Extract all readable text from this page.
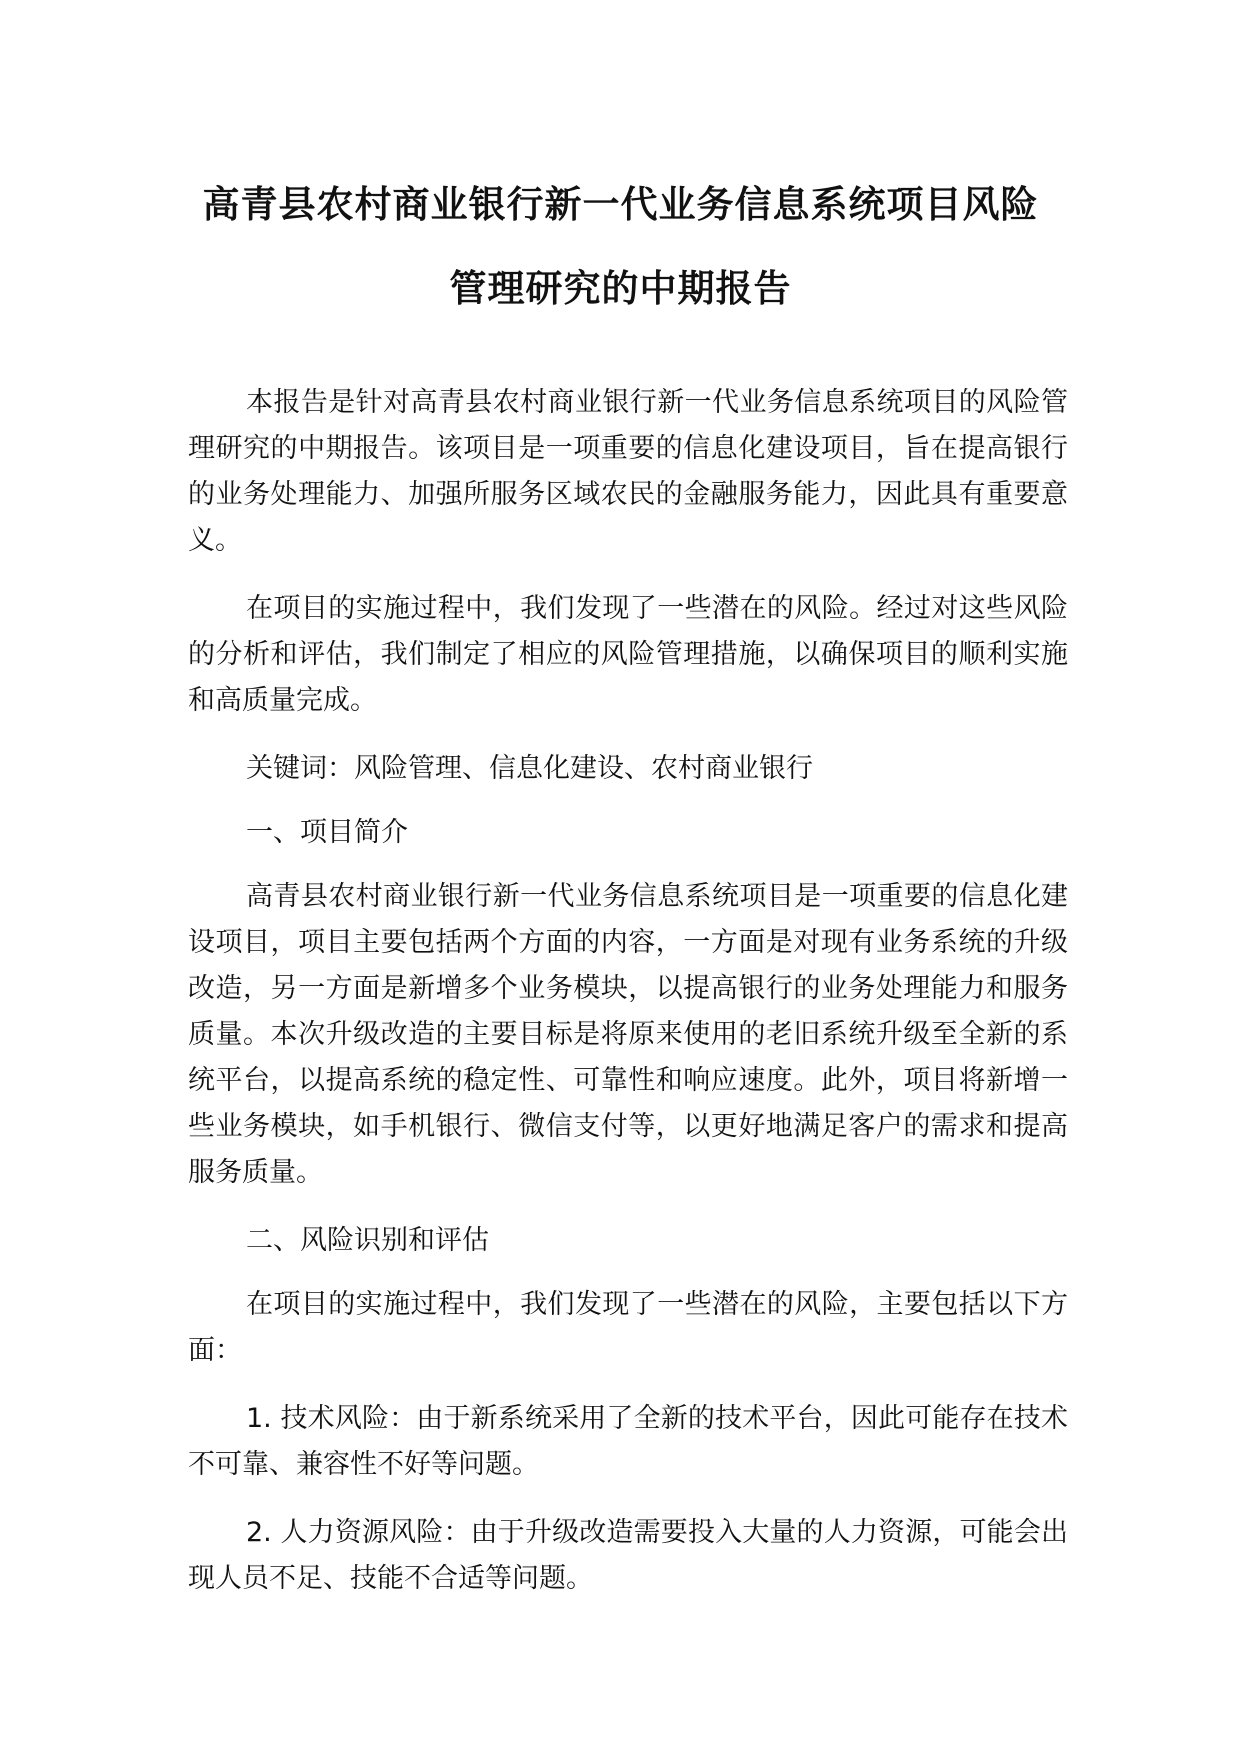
高青县农村商业银行新一代业务信息系统项目风险
管理研究的中期报告

本报告是针对高青县农村商业银行新一代业务信息系统项目的风险管理研究的中期报告。该项目是一项重要的信息化建设项目，旨在提高银行的业务处理能力、加强所服务区域农民的金融服务能力，因此具有重要意义。

在项目的实施过程中，我们发现了一些潜在的风险。经过对这些风险的分析和评估，我们制定了相应的风险管理措施，以确保项目的顺利实施和高质量完成。

关键词：风险管理、信息化建设、农村商业银行

一、项目简介

高青县农村商业银行新一代业务信息系统项目是一项重要的信息化建设项目，项目主要包括两个方面的内容，一方面是对现有业务系统的升级改造，另一方面是新增多个业务模块，以提高银行的业务处理能力和服务质量。本次升级改造的主要目标是将原来使用的老旧系统升级至全新的系统平台，以提高系统的稳定性、可靠性和响应速度。此外，项目将新增一些业务模块，如手机银行、微信支付等，以更好地满足客户的需求和提高服务质量。

二、风险识别和评估

在项目的实施过程中，我们发现了一些潜在的风险，主要包括以下方面：

1. 技术风险：由于新系统采用了全新的技术平台，因此可能存在技术不可靠、兼容性不好等问题。

2. 人力资源风险：由于升级改造需要投入大量的人力资源，可能会出现人员不足、技能不合适等问题。
